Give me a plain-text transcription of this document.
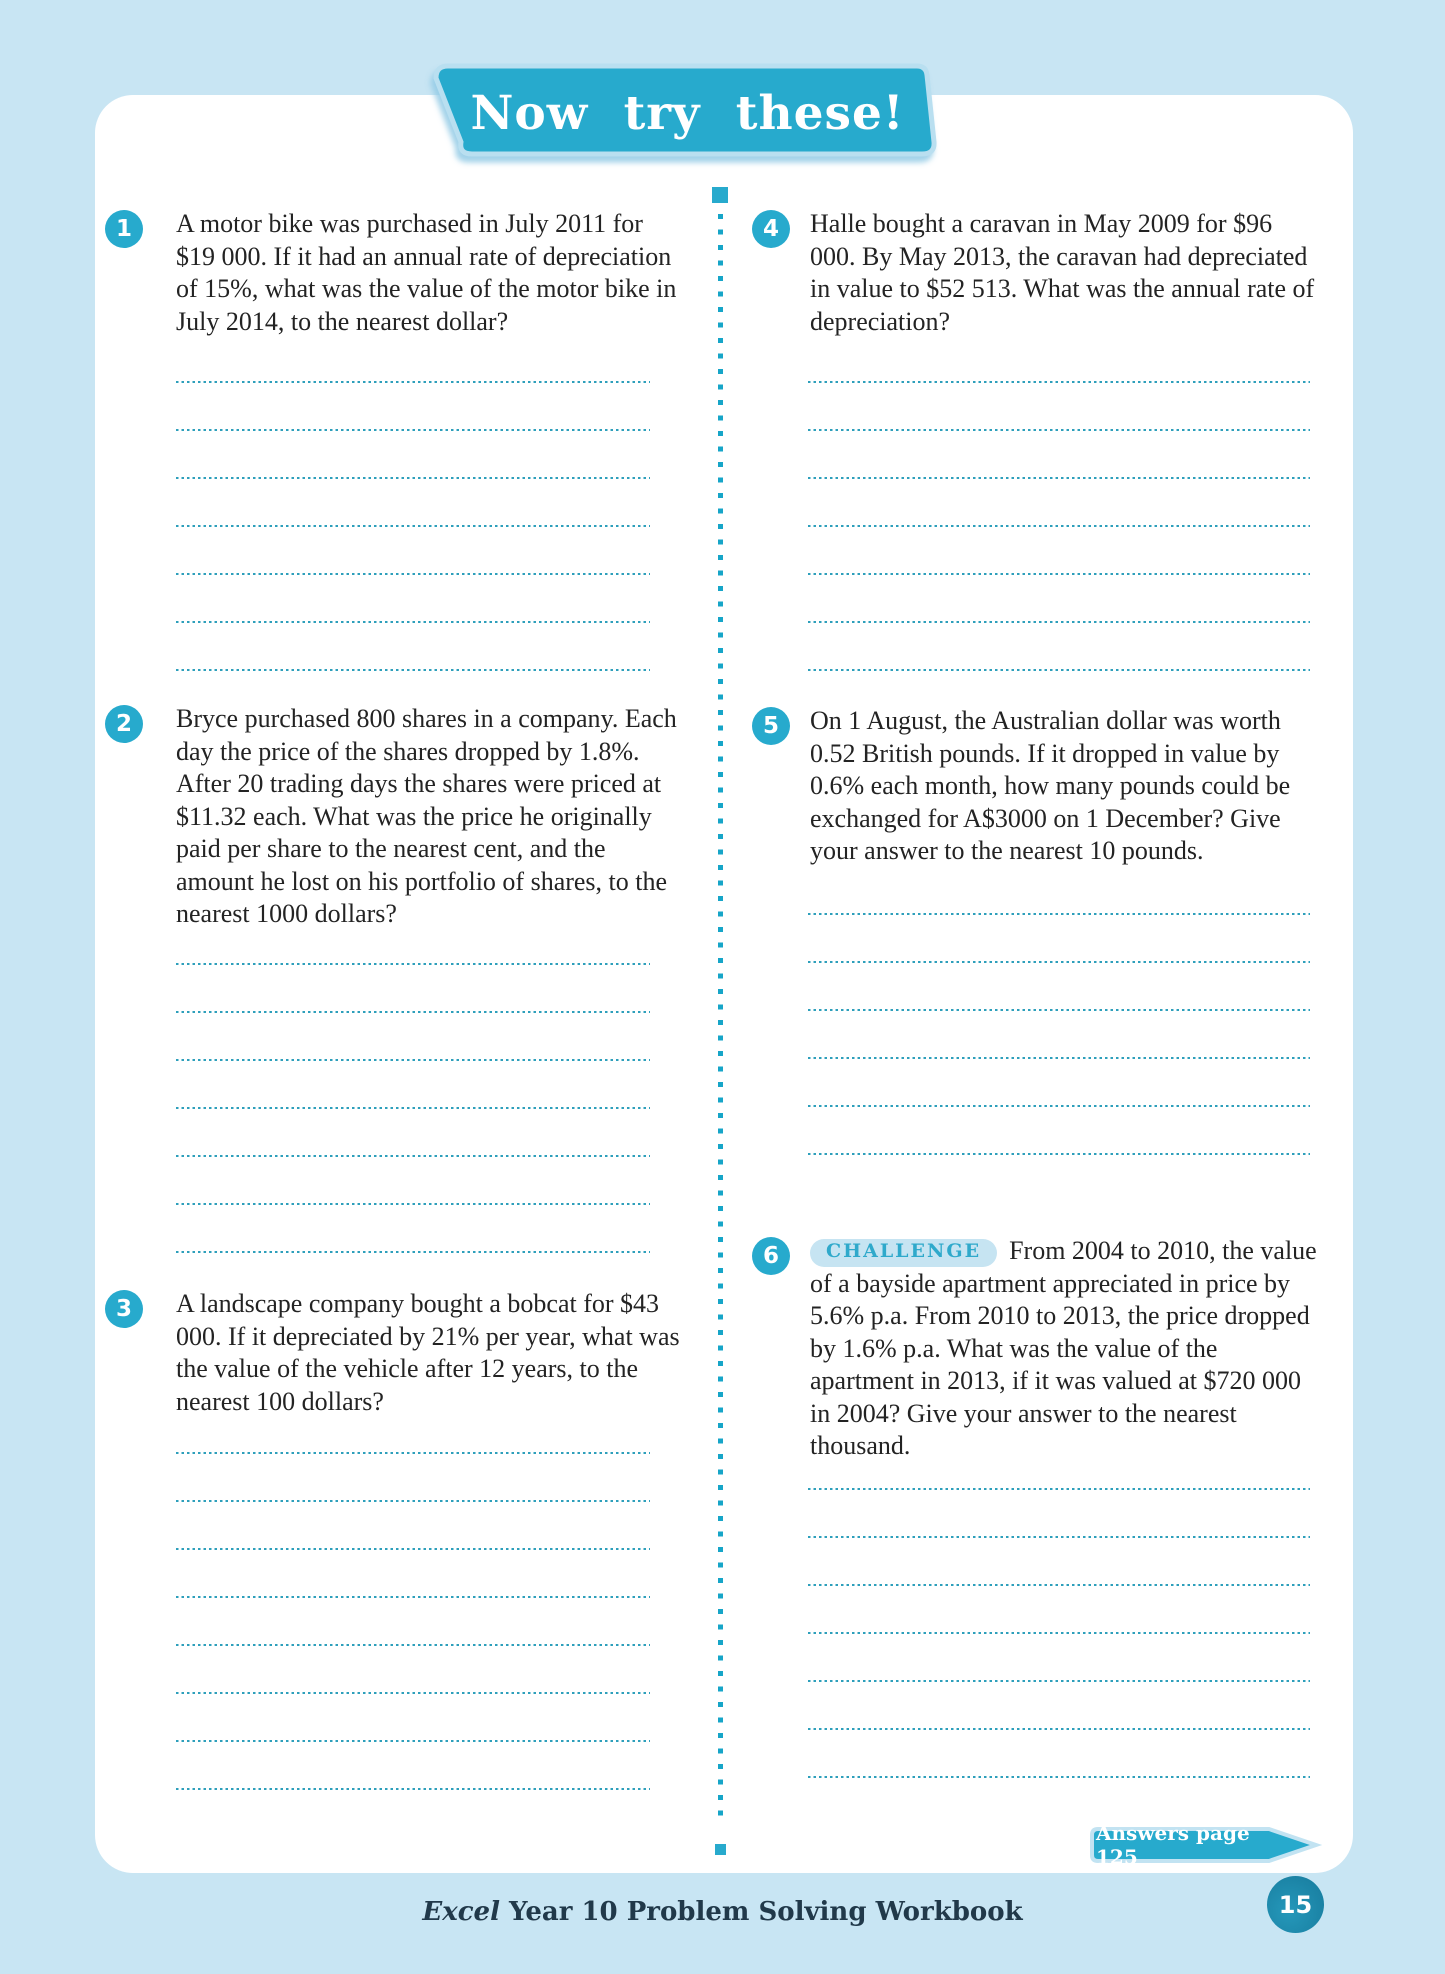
Now try these!
1	A motor bike was purchased in July 2011 for $19 000. If it had an annual rate of depreciation of 15%, what was the value of the motor bike in July 2014, to the nearest dollar?

2	Bryce purchased 800 shares in a company. Each day the price of the shares dropped by 1.8%. After 20 trading days the shares were priced at $11.32 each. What was the price he originally paid per share to the nearest cent, and the amount he lost on his portfolio of shares, to the nearest 1000 dollars?

3	A landscape company bought a bobcat for $43 000. If it depreciated by 21% per year, what was the value of the vehicle after 12 years, to the nearest 100 dollars?

4	Halle bought a caravan in May 2009 for $96 000. By May 2013, the caravan had depreciated in value to $52 513. What was the annual rate of depreciation?

5	On 1 August, the Australian dollar was worth 0.52 British pounds. If it dropped in value by 0.6% each month, how many pounds could be exchanged for A$3000 on 1 December? Give your answer to the nearest 10 pounds.

6	CHALLENGE From 2004 to 2010, the value of a bayside apartment appreciated in price by 5.6% p.a. From 2010 to 2013, the price dropped by 1.6% p.a. What was the value of the apartment in 2013, if it was valued at $720 000 in 2004? Give your answer to the nearest thousand.

Answers page 125
Excel Year 10 Problem Solving Workbook	15
